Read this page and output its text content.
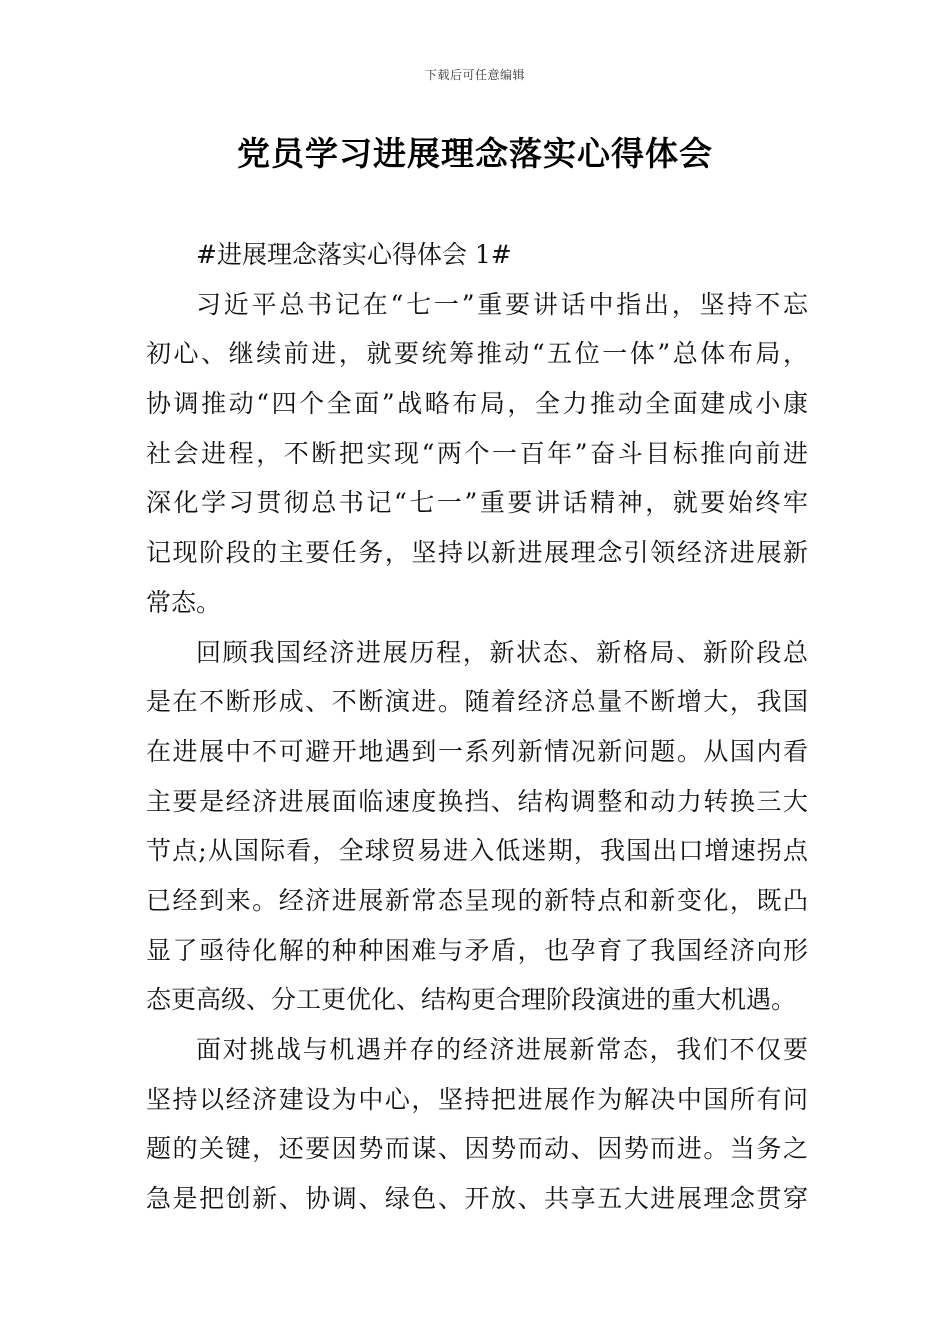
下载后可任意编辑
党员学习进展理念落实心得体会
#进展理念落实心得体会 1#
习近平总书记在“七一”重要讲话中指出，坚持不忘
初心、继续前进，就要统筹推动“五位一体”总体布局，
协调推动“四个全面”战略布局，全力推动全面建成小康
社会进程，不断把实现“两个一百年”奋斗目标推向前进
深化学习贯彻总书记“七一”重要讲话精神，就要始终牢
记现阶段的主要任务，坚持以新进展理念引领经济进展新
常态。
回顾我国经济进展历程，新状态、新格局、新阶段总
是在不断形成、不断演进。随着经济总量不断增大，我国
在进展中不可避开地遇到一系列新情况新问题。从国内看
主要是经济进展面临速度换挡、结构调整和动力转换三大
节点;从国际看，全球贸易进入低迷期，我国出口增速拐点
已经到来。经济进展新常态呈现的新特点和新变化，既凸
显了亟待化解的种种困难与矛盾，也孕育了我国经济向形
态更高级、分工更优化、结构更合理阶段演进的重大机遇。
面对挑战与机遇并存的经济进展新常态，我们不仅要
坚持以经济建设为中心，坚持把进展作为解决中国所有问
题的关键，还要因势而谋、因势而动、因势而进。当务之
急是把创新、协调、绿色、开放、共享五大进展理念贯穿
